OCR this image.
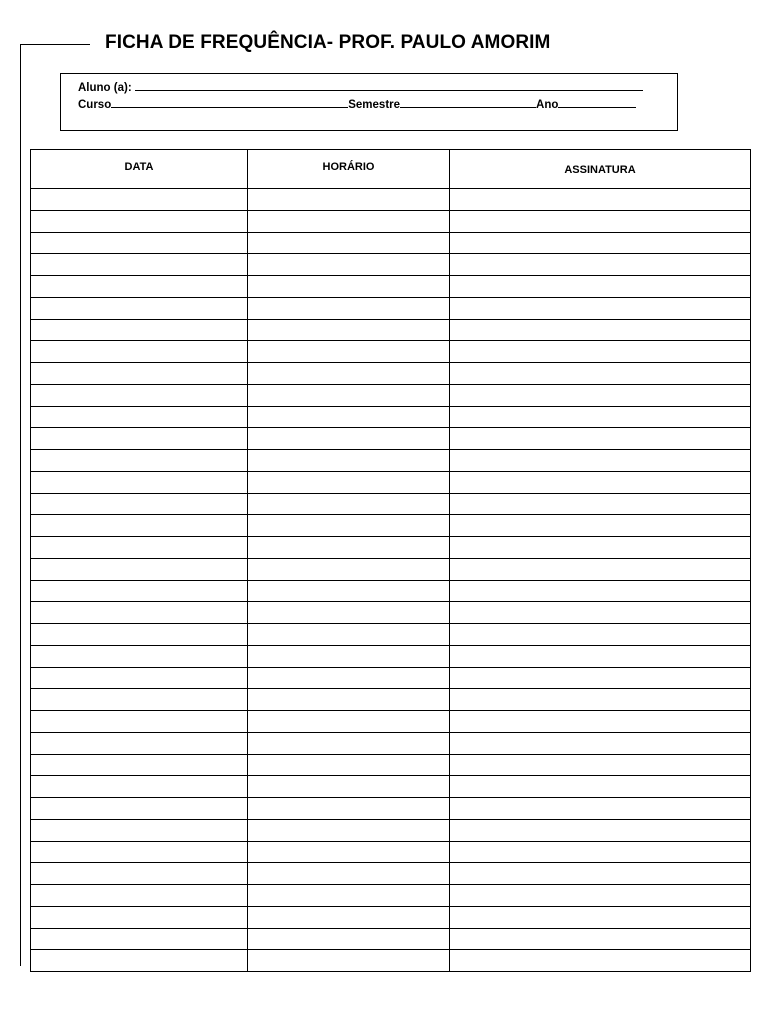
FICHA DE FREQUÊNCIA- PROF. PAULO AMORIM
Aluno (a):
Curso	Semestre	Ano
DATA	HORÁRIO	ASSINATURA
